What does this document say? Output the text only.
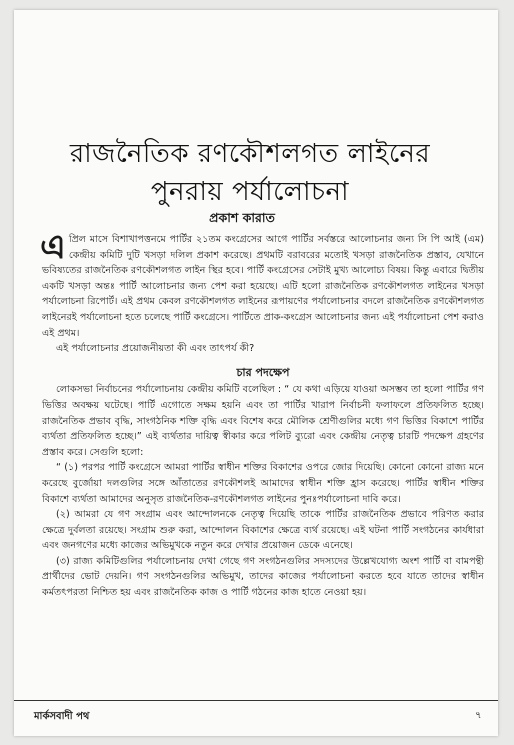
রাজনৈতিক রণকৌশলগত লাইনের পুনরায় পর্যালোচনা
প্রকাশ কারাত

এপ্রিল মাসে বিশাখাপত্তনমে পার্টির ২১তম কংগ্রেসের আগে পার্টির সর্বস্তরে আলোচনার জন্য সি পি আই (এম) কেন্দ্রীয় কমিটি দুটি খসড়া দলিল প্রকাশ করেছে। প্রথমটি বরাবরের মতোই খসড়া রাজনৈতিক প্রস্তাব, যেখানে ভবিষ্যতের রাজনৈতিক রণকৌশলগত লাইন স্থির হবে। পার্টি কংগ্রেসের সেটাই মুখ্য আলোচ্য বিষয়। কিন্তু এবারে দ্বিতীয় একটি খসড়া অন্তঃ পার্টি আলোচনার জন্য পেশ করা হয়েছে। এটি হলো রাজনৈতিক রণকৌশলগত লাইনের খসড়া পর্যালোচনা রিপোর্ট। এই প্রথম কেবল রণকৌশলগত লাইনের রূপায়ণের পর্যালোচনার বদলে রাজনৈতিক রণকৌশলগত লাইনেরই পর্যালোচনা হতে চলেছে পার্টি কংগ্রেসে। পার্টিতে প্রাক-কংগ্রেস আলোচনার জন্য এই পর্যালোচনা পেশ করাও এই প্রথম।

এই পর্যালোচনার প্রয়োজনীয়তা কী এবং তাৎপর্য কী?

চার পদক্ষেপ

লোকসভা নির্বাচনের পর্যালোচনায় কেন্দ্রীয় কমিটি বলেছিল : “ যে কথা এড়িয়ে যাওয়া অসম্ভব তা হলো পার্টির গণ ভিত্তির অবক্ষয় ঘটেছে। পার্টি এগোতে সক্ষম হয়নি এবং তা পার্টির খারাপ নির্বাচনী ফলাফলে প্রতিফলিত হচ্ছে। রাজনৈতিক প্রভাব বৃদ্ধি, সাংগঠনিক শক্তি বৃদ্ধি এবং বিশেষ করে মৌলিক শ্রেণীগুলির মধ্যে গণ ভিত্তির বিকাশে পার্টির ব্যর্থতা প্রতিফলিত হচ্ছে।” এই ব্যর্থতার দায়িত্ব স্বীকার করে পলিট ব্যুরো এবং কেন্দ্রীয় নেতৃত্ব চারটি পদক্ষেপ গ্রহণের প্রস্তাব করে। সেগুলি হলো:

“ (১) পরপর পার্টি কংগ্রেসে আমরা পার্টির স্বাধীন শক্তির বিকাশের ওপরে জোর দিয়েছি। কোনো কোনো রাজ্য মনে করেছে বুর্জোয়া দলগুলির সঙ্গে আঁতাতের রণকৌশলই আমাদের স্বাধীন শক্তি হ্রাস করেছে। পার্টির স্বাধীন শক্তির বিকাশে ব্যর্থতা আমাদের অনুসৃত রাজনৈতিক-রণকৌশলগত লাইনের পুনঃপর্যালোচনা দাবি করে।

(২) আমরা যে গণ সংগ্রাম এবং আন্দোলনকে নেতৃত্ব দিয়েছি তাকে পার্টির রাজনৈতিক প্রভাবে পরিণত করার ক্ষেত্রে দুর্বলতা রয়েছে। সংগ্রাম শুরু করা, আন্দোলন বিকাশের ক্ষেত্রে ব্যর্থ রয়েছে। এই ঘটনা পার্টি সংগঠনের কার্যধারা এবং জনগণের মধ্যে কাজের অভিমুখকে নতুন করে দেখার প্রয়োজন ডেকে এনেছে।

(৩) রাজ্য কমিটিগুলির পর্যালোচনায় দেখা গেছে গণ সংগঠনগুলির সদস্যদের উল্লেখযোগ্য অংশ পার্টি বা বামপন্থী প্রার্থীদের ভোট দেয়নি। গণ সংগঠনগুলির অভিমুখ, তাদের কাজের পর্যালোচনা করতে হবে যাতে তাদের স্বাধীন কর্মতৎপরতা নিশ্চিত হয় এবং রাজনৈতিক কাজ ও পার্টি গঠনের কাজ হাতে নেওয়া হয়।

মার্কসবাদী পথ	৭
